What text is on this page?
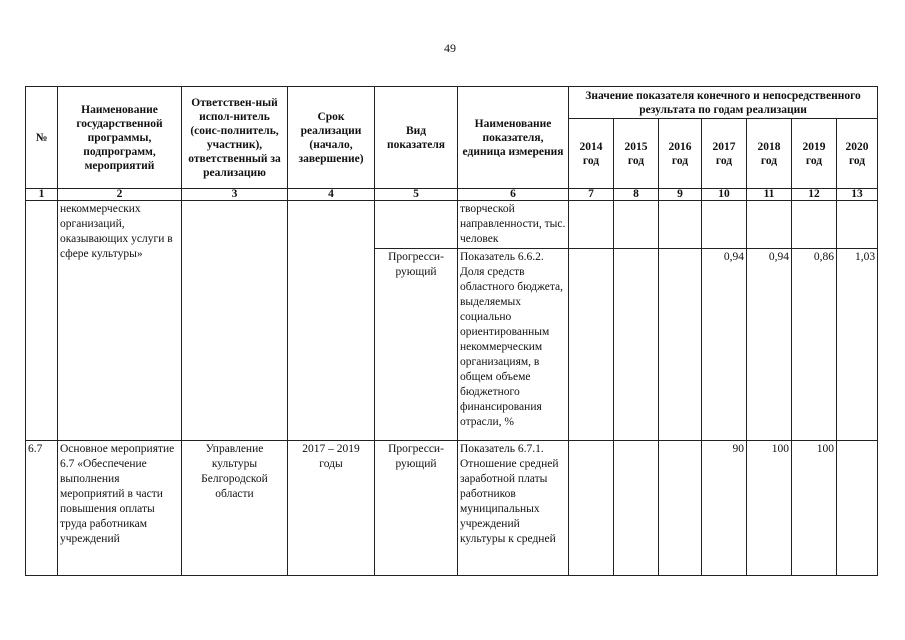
49
№	Наименование государственной программы, подпрограмм, мероприятий	Ответствен-ный испол-нитель (соис-полнитель, участник), ответственный за реализацию	Срок реализации (начало, завершение)	Вид показателя	Наименование показателя, единица измерения	Значение показателя конечного и непосредственного результата по годам реализации						
						2014 год	2015 год	2016 год	2017 год	2018 год	2019 год	2020 год
1	2	3	4	5	6	7	8	9	10	11	12	13
	некоммерческих организаций, оказывающих услуги в сфере культуры»				творческой направленности, тыс. человек							
				Прогресси-рующий	Показатель 6.6.2. Доля средств областного бюджета, выделяемых социально ориентированным некоммерческим организациям, в общем объеме бюджетного финансирования отрасли, %				0,94	0,94	0,86	1,03
6.7	Основное мероприятие 6.7 «Обеспечение выполнения мероприятий в части повышения оплаты труда работникам учреждений	Управление культуры Белгородской области	2017 – 2019 годы	Прогресси-рующий	Показатель 6.7.1. Отношение средней заработной платы работников муниципальных учреждений культуры к средней				90	100	100	
